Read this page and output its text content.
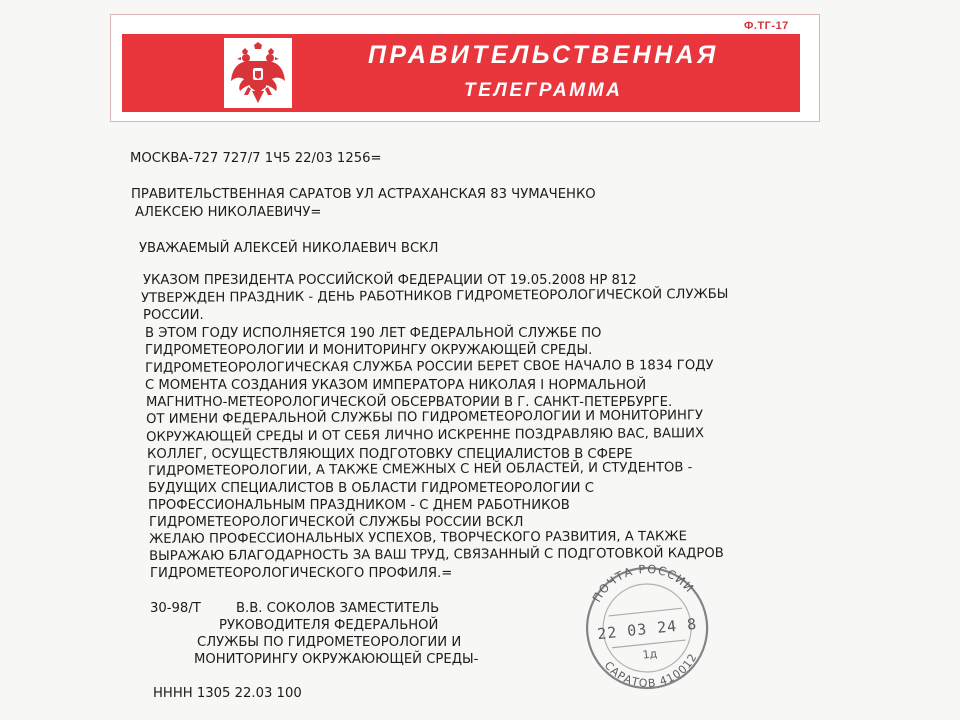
Ф.ТГ-17
ПРАВИТЕЛЬСТВЕННАЯ
ТЕЛЕГРАММА
МОСКВА-727 727/7 1Ч5 22/03 1256=
ПРАВИТЕЛЬСТВЕННАЯ САРАТОВ УЛ АСТРАХАНСКАЯ 83 ЧУМАЧЕНКО
АЛЕКСЕЮ НИКОЛАЕВИЧУ=
УВАЖАЕМЫЙ АЛЕКСЕЙ НИКОЛАЕВИЧ ВСКЛ
УКАЗОМ ПРЕЗИДЕНТА РОССИЙСКОЙ ФЕДЕРАЦИИ ОТ 19.05.2008 НР 812
УТВЕРЖДЕН ПРАЗДНИК - ДЕНЬ РАБОТНИКОВ ГИДРОМЕТЕОРОЛОГИЧЕСКОЙ СЛУЖБЫ
РОССИИ.
В ЭТОМ ГОДУ ИСПОЛНЯЕТСЯ 190 ЛЕТ ФЕДЕРАЛЬНОЙ СЛУЖБЕ ПО
ГИДРОМЕТЕОРОЛОГИИ И МОНИТОРИНГУ ОКРУЖАЮЩЕЙ СРЕДЫ.
ГИДРОМЕТЕОРОЛОГИЧЕСКАЯ СЛУЖБА РОССИИ БЕРЕТ СВОЕ НАЧАЛО В 1834 ГОДУ
С МОМЕНТА СОЗДАНИЯ УКАЗОМ ИМПЕРАТОРА НИКОЛАЯ I НОРМАЛЬНОЙ
МАГНИТНО-МЕТЕОРОЛОГИЧЕСКОЙ ОБСЕРВАТОРИИ В Г. САНКТ-ПЕТЕРБУРГЕ.
ОТ ИМЕНИ ФЕДЕРАЛЬНОЙ СЛУЖБЫ ПО ГИДРОМЕТЕОРОЛОГИИ И МОНИТОРИНГУ
ОКРУЖАЮЩЕЙ СРЕДЫ И ОТ СЕБЯ ЛИЧНО ИСКРЕННЕ ПОЗДРАВЛЯЮ ВАС, ВАШИХ
КОЛЛЕГ, ОСУЩЕСТВЛЯЮЩИХ ПОДГОТОВКУ СПЕЦИАЛИСТОВ В СФЕРЕ
ГИДРОМЕТЕОРОЛОГИИ, А ТАКЖЕ СМЕЖНЫХ С НЕЙ ОБЛАСТЕЙ, И СТУДЕНТОВ -
БУДУЩИХ СПЕЦИАЛИСТОВ В ОБЛАСТИ ГИДРОМЕТЕОРОЛОГИИ С
ПРОФЕССИОНАЛЬНЫМ ПРАЗДНИКОМ - С ДНЕМ РАБОТНИКОВ
ГИДРОМЕТЕОРОЛОГИЧЕСКОЙ СЛУЖБЫ РОССИИ ВСКЛ
ЖЕЛАЮ ПРОФЕССИОНАЛЬНЫХ УСПЕХОВ, ТВОРЧЕСКОГО РАЗВИТИЯ, А ТАКЖЕ
ВЫРАЖАЮ БЛАГОДАРНОСТЬ ЗА ВАШ ТРУД, СВЯЗАННЫЙ С ПОДГОТОВКОЙ КАДРОВ
ГИДРОМЕТЕОРОЛОГИЧЕСКОГО ПРОФИЛЯ.=
30-98/Т	В.В. СОКОЛОВ ЗАМЕСТИТЕЛЬ
РУКОВОДИТЕЛЯ ФЕДЕРАЛЬНОЙ
СЛУЖБЫ ПО ГИДРОМЕТЕОРОЛОГИИ И
МОНИТОРИНГУ ОКРУЖАЮЮЩЕЙ СРЕДЫ-
НННН 1305 22.03 100
ПОЧТА РОССИИ
САРАТОВ 410012
22 03 24 8
1д
